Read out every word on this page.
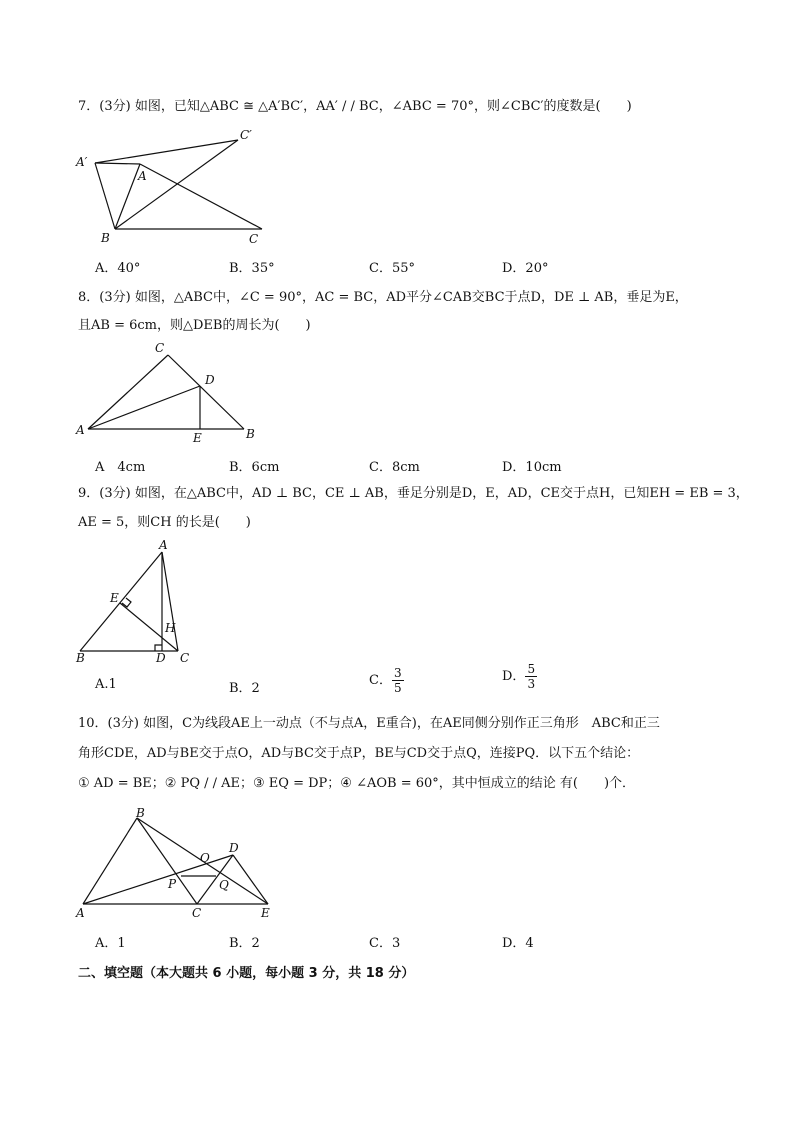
7．(3分) 如图，已知△ABC ≅ △A′BC′，AA′ / / BC，∠ABC = 70°，则∠CBC′的度数是(　　)
A′
A
B	C
C′
A．40°	B．35°	C．55°	D．20°
8．(3分) 如图，△ABC中，∠C = 90°，AC = BC，AD平分∠CAB交BC于点D，DE ⊥ AB，垂足为E，
且AB = 6cm，则△DEB的周长为(　　)
A
C
D
E	B
A　4cm	B．6cm	C．8cm	D．10cm
9．(3分) 如图，在△ABC中，AD ⊥ BC，CE ⊥ AB，垂足分别是D，E，AD，CE交于点H，已知EH = EB = 3，
AE = 5，则CH 的长是(　　)
A
E
H
B	D C
A.1	B．2
C． $\frac{3}{5}$	D． $\frac{5}{3}$
10．(3分) 如图，C为线段AE上一动点（不与点A，E重合)，在AE同侧分别作正三角形　ABC和正三
角形CDE，AD与BE交于点O，AD与BC交于点P，BE与CD交于点Q，连接PQ．以下五个结论：
① AD = BE；② PQ / / AE；③ EQ = DP；④ ∠AOB = 60°，其中恒成立的结论 有(　　)个．
B
O
D
P	Q
A	C	E
A．1	B．2	C．3	D．4
二、填空题（本大题共 6 小题，每小题 3 分，共 18 分）
